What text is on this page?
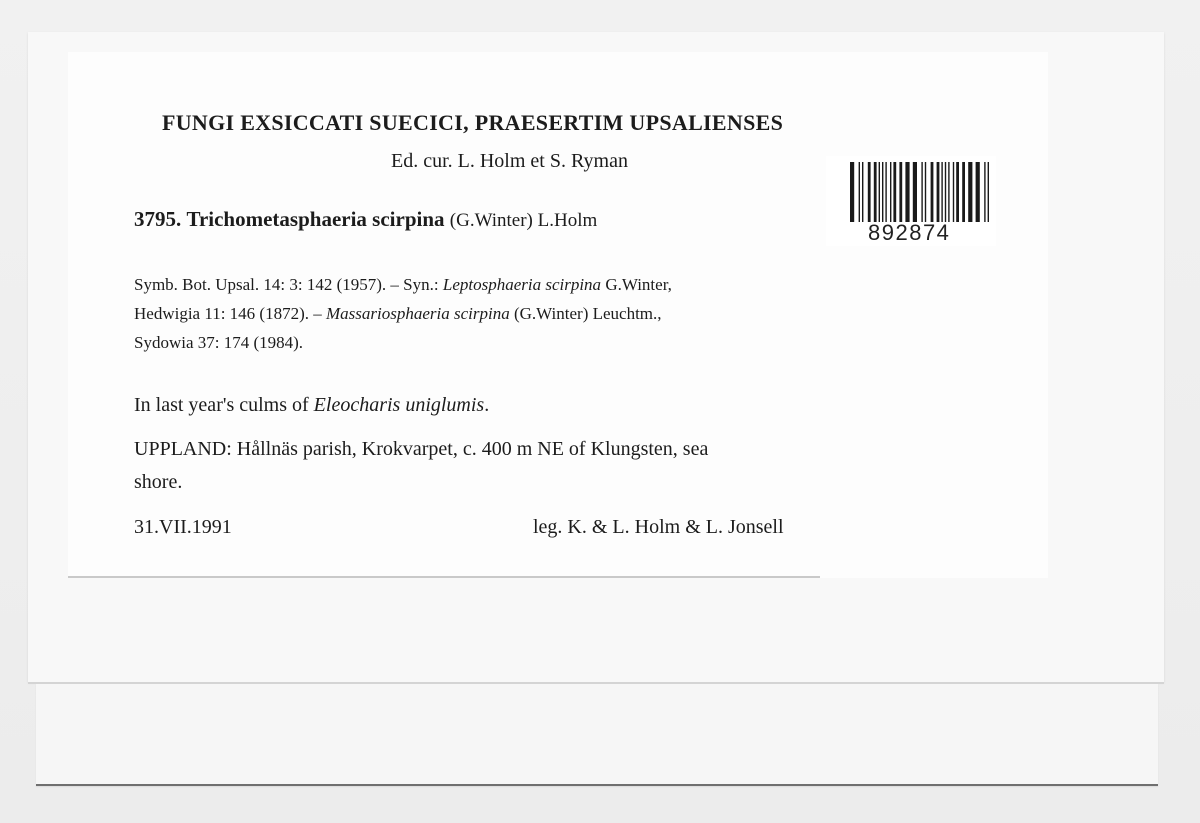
FUNGI EXSICCATI SUECICI, PRAESERTIM UPSALIENSES
Ed. cur. L. Holm et S. Ryman
3795. Trichometasphaeria scirpina (G.Winter) L.Holm	892874
Symb. Bot. Upsal. 14: 3: 142 (1957). – Syn.: Leptosphaeria scirpina G.Winter,
Hedwigia 11: 146 (1872). – Massariosphaeria scirpina (G.Winter) Leuchtm.,
Sydowia 37: 174 (1984).
In last year's culms of Eleocharis uniglumis.
UPPLAND: Hållnäs parish, Krokvarpet, c. 400 m NE of Klungsten, sea
shore.
31.VII.1991	leg. K. & L. Holm & L. Jonsell
